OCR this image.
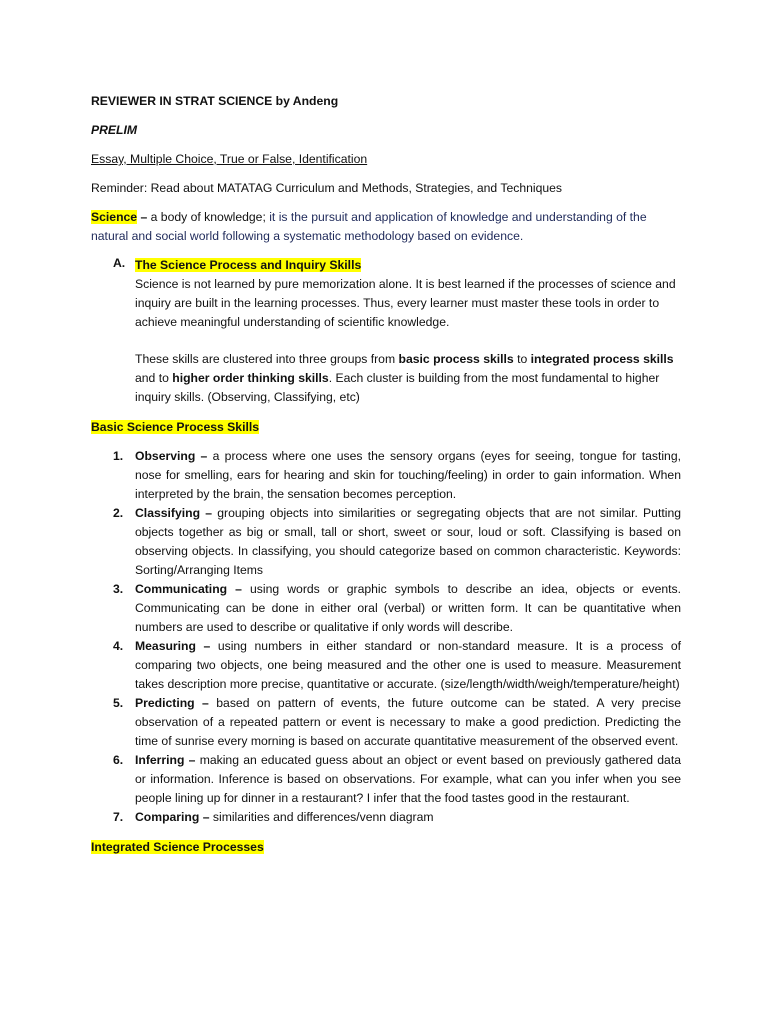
REVIEWER IN STRAT SCIENCE by Andeng

PRELIM

Essay, Multiple Choice, True or False, Identification

Reminder: Read about MATATAG Curriculum and Methods, Strategies, and Techniques

Science – a body of knowledge; it is the pursuit and application of knowledge and understanding of the natural and social world following a systematic methodology based on evidence.

A. The Science Process and Inquiry Skills

Science is not learned by pure memorization alone. It is best learned if the processes of science and inquiry are built in the learning processes. Thus, every learner must master these tools in order to achieve meaningful understanding of scientific knowledge.

These skills are clustered into three groups from basic process skills to integrated process skills and to higher order thinking skills. Each cluster is building from the most fundamental to higher inquiry skills. (Observing, Classifying, etc)

Basic Science Process Skills

1. Observing – a process where one uses the sensory organs (eyes for seeing, tongue for tasting, nose for smelling, ears for hearing and skin for touching/feeling) in order to gain information. When interpreted by the brain, the sensation becomes perception.
2. Classifying – grouping objects into similarities or segregating objects that are not similar. Putting objects together as big or small, tall or short, sweet or sour, loud or soft. Classifying is based on observing objects. In classifying, you should categorize based on common characteristic. Keywords: Sorting/Arranging Items
3. Communicating – using words or graphic symbols to describe an idea, objects or events. Communicating can be done in either oral (verbal) or written form. It can be quantitative when numbers are used to describe or qualitative if only words will describe.
4. Measuring – using numbers in either standard or non-standard measure. It is a process of comparing two objects, one being measured and the other one is used to measure. Measurement takes description more precise, quantitative or accurate. (size/length/width/weigh/temperature/height)
5. Predicting – based on pattern of events, the future outcome can be stated. A very precise observation of a repeated pattern or event is necessary to make a good prediction. Predicting the time of sunrise every morning is based on accurate quantitative measurement of the observed event.
6. Inferring – making an educated guess about an object or event based on previously gathered data or information. Inference is based on observations. For example, what can you infer when you see people lining up for dinner in a restaurant? I infer that the food tastes good in the restaurant.
7. Comparing – similarities and differences/venn diagram

Integrated Science Processes
